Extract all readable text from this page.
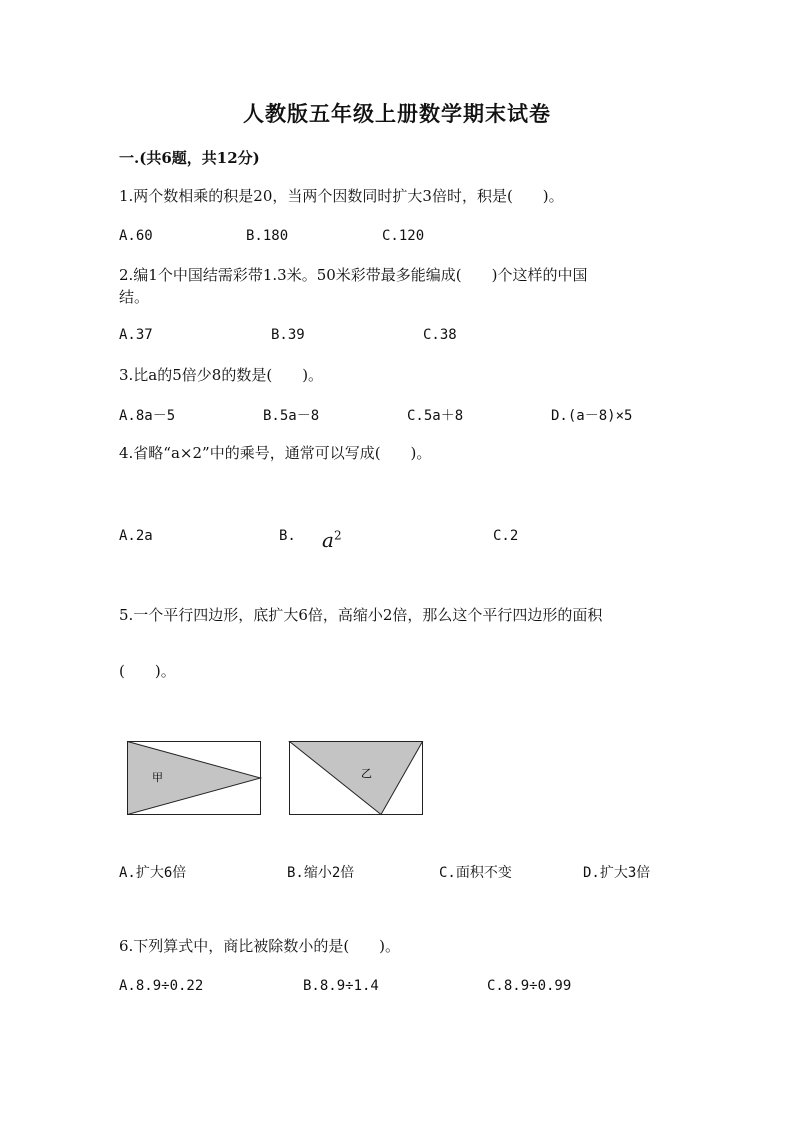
人教版五年级上册数学期末试卷
一.(共6题，共12分)
1.两个数相乘的积是20，当两个因数同时扩大3倍时，积是(　　)。
A.60	B.180	C.120
2.编1个中国结需彩带1.3米。50米彩带最多能编成(　　)个这样的中国
结。
A.37	B.39	C.38
3.比a的5倍少8的数是(　　)。
A.8a－5	B.5a－8	C.5a＋8	D.(a－8)×5
4.省略“a×2”中的乘号，通常可以写成(　　)。
A.2a	B. $a^2$	C.2
5.一个平行四边形，底扩大6倍，高缩小2倍，那么这个平行四边形的面积
(　　)。
甲	乙
A.扩大6倍	B.缩小2倍	C.面积不变	D.扩大3倍
6.下列算式中，商比被除数小的是(　　)。
A.8.9÷0.22	B.8.9÷1.4	C.8.9÷0.99
